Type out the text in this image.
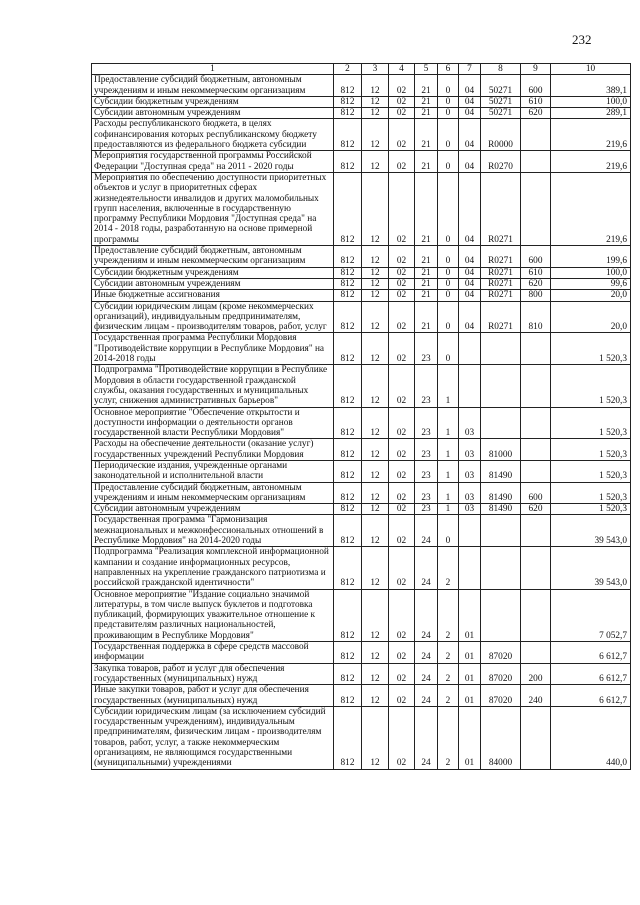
232
1	2	3	4	5	6	7	8	9	10
Предоставление субсидий бюджетным, автономным учреждениям и иным некоммерческим организациям	812	12	02	21	0	04	50271	600	389,1
Субсидии бюджетным учреждениям	812	12	02	21	0	04	50271	610	100,0
Субсидии автономным учреждениям	812	12	02	21	0	04	50271	620	289,1
Расходы республиканского бюджета, в целях софинансирования которых республиканскому бюджету предоставляются из федерального бюджета субсидии	812	12	02	21	0	04	R0000		219,6
Мероприятия государственной программы Российской Федерации "Доступная среда" на 2011 - 2020 годы	812	12	02	21	0	04	R0270		219,6
Мероприятия по обеспечению доступности приоритетных объектов и услуг в приоритетных сферах жизнедеятельности инвалидов и других маломобильных групп населения, включенные в государственную программу Республики Мордовия "Доступная среда" на 2014 - 2018 годы, разработанную на основе примерной программы	812	12	02	21	0	04	R0271		219,6
Предоставление субсидий бюджетным, автономным учреждениям и иным некоммерческим организациям	812	12	02	21	0	04	R0271	600	199,6
Субсидии бюджетным учреждениям	812	12	02	21	0	04	R0271	610	100,0
Субсидии автономным учреждениям	812	12	02	21	0	04	R0271	620	99,6
Иные бюджетные ассигнования	812	12	02	21	0	04	R0271	800	20,0
Субсидии юридическим лицам (кроме некоммерческих организаций), индивидуальным предпринимателям, физическим лицам - производителям товаров, работ, услуг	812	12	02	21	0	04	R0271	810	20,0
Государственная программа Республики Мордовия "Противодействие коррупции в Республике Мордовия" на 2014-2018 годы	812	12	02	23	0				1 520,3
Подпрограмма "Противодействие коррупции в Республике Мордовия в области государственной гражданской службы, оказания государственных и муниципальных услуг, снижения административных барьеров"	812	12	02	23	1				1 520,3
Основное мероприятие "Обеспечение открытости и доступности информации о деятельности органов государственной власти Республики Мордовия"	812	12	02	23	1	03			1 520,3
Расходы на обеспечение деятельности (оказание услуг) государственных учреждений Республики Мордовия	812	12	02	23	1	03	81000		1 520,3
Периодические издания, учрежденные органами законодательной и исполнительной власти	812	12	02	23	1	03	81490		1 520,3
Предоставление субсидий бюджетным, автономным учреждениям и иным некоммерческим организациям	812	12	02	23	1	03	81490	600	1 520,3
Субсидии автономным учреждениям	812	12	02	23	1	03	81490	620	1 520,3
Государственная программа "Гармонизация межнациональных и межконфессиональных отношений в Республике Мордовия" на 2014-2020 годы	812	12	02	24	0				39 543,0
Подпрограмма "Реализация комплексной информационной кампании и создание информационных ресурсов, направленных на укрепление гражданского патриотизма и российской гражданской идентичности"	812	12	02	24	2				39 543,0
Основное мероприятие "Издание социально значимой литературы, в том числе выпуск буклетов и подготовка публикаций, формирующих уважительное отношение к представителям различных национальностей, проживающим в Республике Мордовия"	812	12	02	24	2	01			7 052,7
Государственная поддержка в сфере средств массовой информации	812	12	02	24	2	01	87020		6 612,7
Закупка товаров, работ и услуг для обеспечения государственных (муниципальных) нужд	812	12	02	24	2	01	87020	200	6 612,7
Иные закупки товаров, работ и услуг для обеспечения государственных (муниципальных) нужд	812	12	02	24	2	01	87020	240	6 612,7
Субсидии юридическим лицам (за исключением субсидий государственным учреждениям), индивидуальным предпринимателям, физическим лицам - производителям товаров, работ, услуг, а также некоммерческим организациям, не являющимся государственными (муниципальными) учреждениями	812	12	02	24	2	01	84000		440,0
